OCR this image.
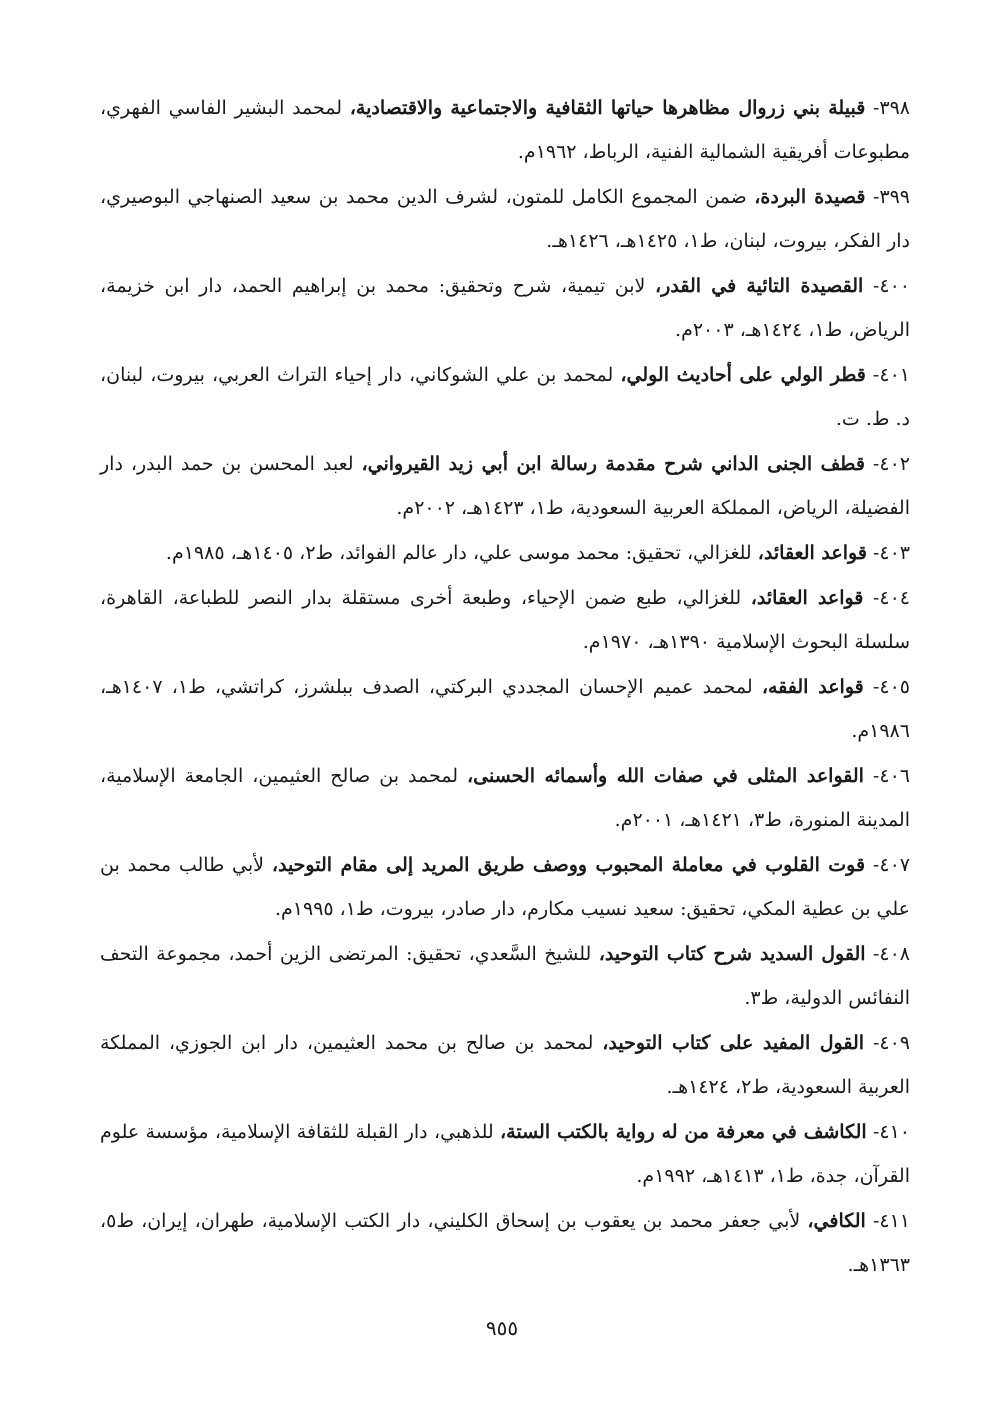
٣٩٨- قبيلة بني زروال مظاهرها حياتها الثقافية والاجتماعية والاقتصادية، لمحمد البشير الفاسي الفهري، مطبوعات أفريقية الشمالية الفنية، الرباط، ١٩٦٢م.

٣٩٩- قصيدة البردة، ضمن المجموع الكامل للمتون، لشرف الدين محمد بن سعيد الصنهاجي البوصيري، دار الفكر، بيروت، لبنان، ط١، ١٤٢٥هـ، ١٤٢٦هـ.

٤٠٠- القصيدة التائية في القدر، لابن تيمية، شرح وتحقيق: محمد بن إبراهيم الحمد، دار ابن خزيمة، الرياض، ط١، ١٤٢٤هـ، ٢٠٠٣م.

٤٠١- قطر الولي على أحاديث الولي، لمحمد بن علي الشوكاني، دار إحياء التراث العربي، بيروت، لبنان، د. ط. ت.

٤٠٢- قطف الجنى الداني شرح مقدمة رسالة ابن أبي زيد القيرواني، لعبد المحسن بن حمد البدر، دار الفضيلة، الرياض، المملكة العربية السعودية، ط١، ١٤٢٣هـ، ٢٠٠٢م.

٤٠٣- قواعد العقائد، للغزالي، تحقيق: محمد موسى علي، دار عالم الفوائد، ط٢، ١٤٠٥هـ، ١٩٨٥م.

٤٠٤- قواعد العقائد، للغزالي، طبع ضمن الإحياء، وطبعة أخرى مستقلة بدار النصر للطباعة، القاهرة، سلسلة البحوث الإسلامية ١٣٩٠هـ، ١٩٧٠م.

٤٠٥- قواعد الفقه، لمحمد عميم الإحسان المجددي البركتي، الصدف ببلشرز، كراتشي، ط١، ١٤٠٧هـ، ١٩٨٦م.

٤٠٦- القواعد المثلى في صفات الله وأسمائه الحسنى، لمحمد بن صالح العثيمين، الجامعة الإسلامية، المدينة المنورة، ط٣، ١٤٢١هـ، ٢٠٠١م.

٤٠٧- قوت القلوب في معاملة المحبوب ووصف طريق المريد إلى مقام التوحيد، لأبي طالب محمد بن علي بن عطية المكي، تحقيق: سعيد نسيب مكارم، دار صادر، بيروت، ط١، ١٩٩٥م.

٤٠٨- القول السديد شرح كتاب التوحيد، للشيخ السَّعدي، تحقيق: المرتضى الزين أحمد، مجموعة التحف النفائس الدولية، ط٣.

٤٠٩- القول المفيد على كتاب التوحيد، لمحمد بن صالح بن محمد العثيمين، دار ابن الجوزي، المملكة العربية السعودية، ط٢، ١٤٢٤هـ.

٤١٠- الكاشف في معرفة من له رواية بالكتب الستة، للذهبي، دار القبلة للثقافة الإسلامية، مؤسسة علوم القرآن، جدة، ط١، ١٤١٣هـ، ١٩٩٢م.

٤١١- الكافي، لأبي جعفر محمد بن يعقوب بن إسحاق الكليني، دار الكتب الإسلامية، طهران، إيران، ط٥، ١٣٦٣هـ.

٩٥٥
